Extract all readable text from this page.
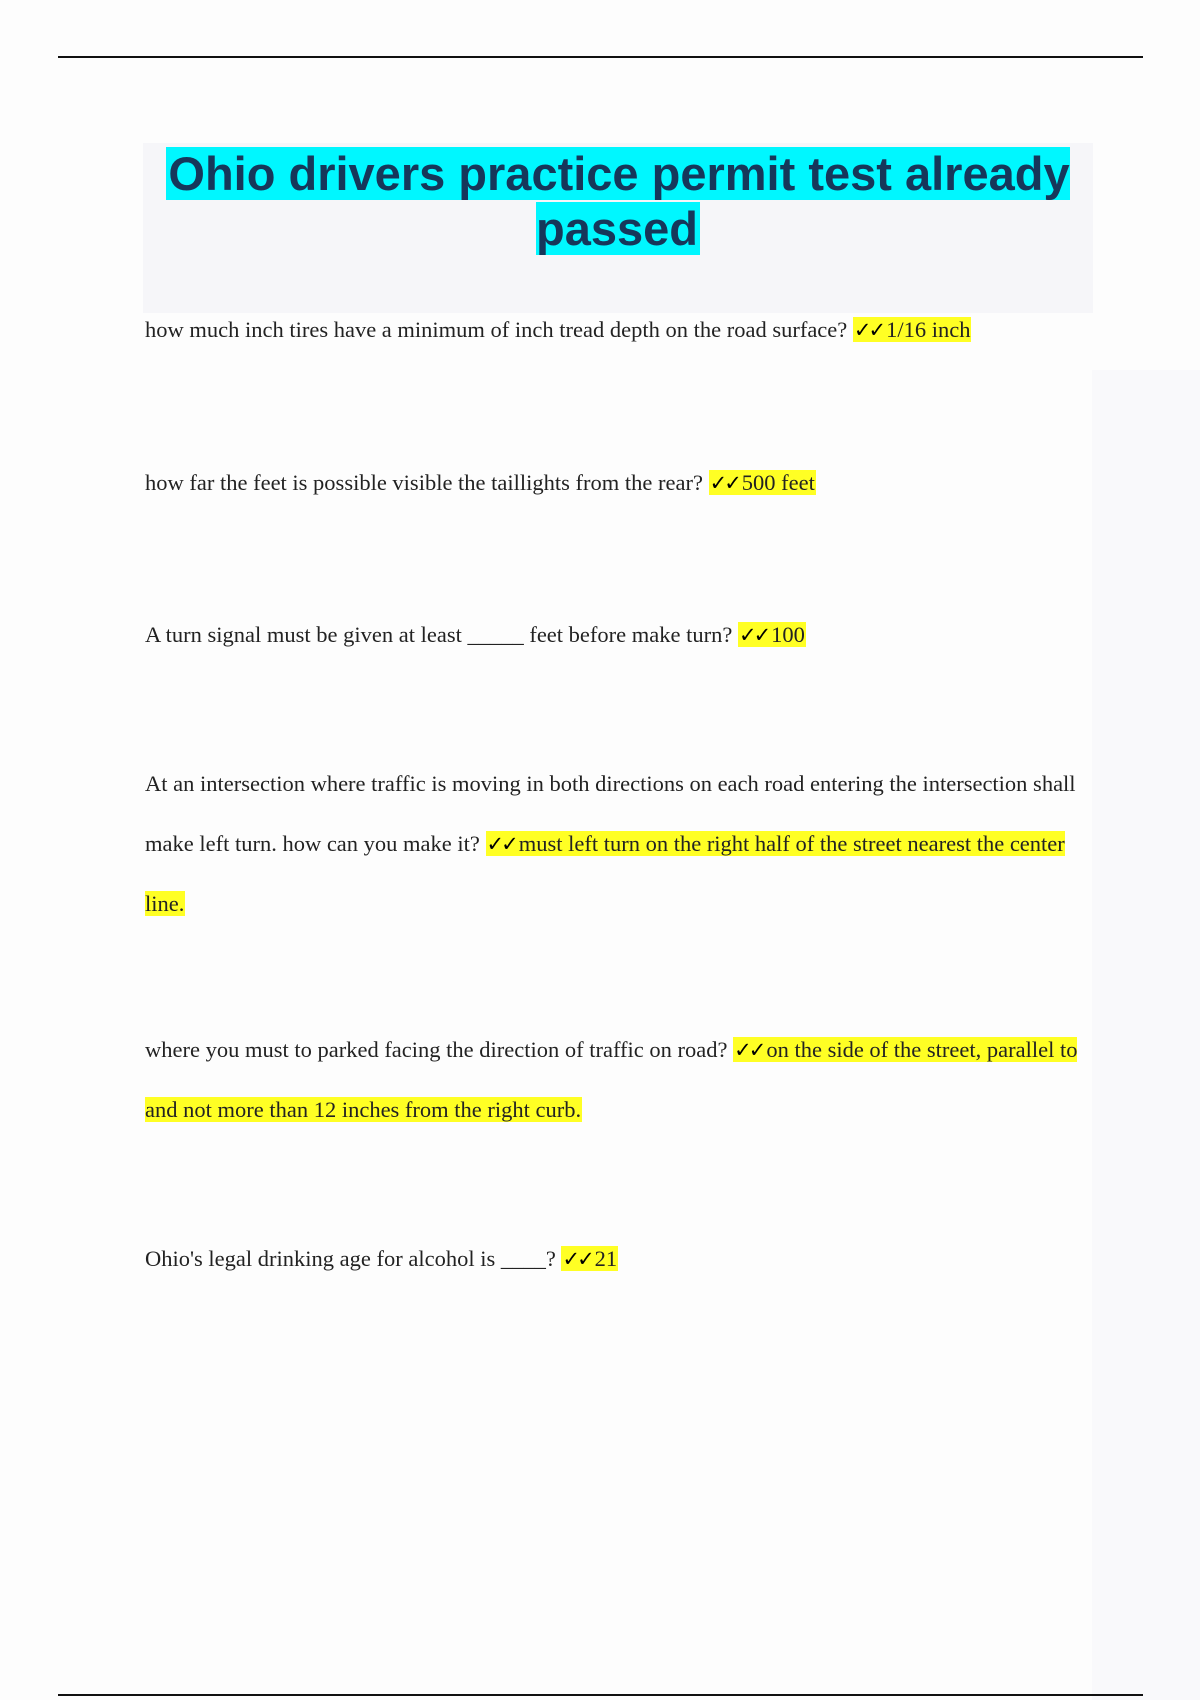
Ohio drivers practice permit test already passed
how much inch tires have a minimum of inch tread depth on the road surface? ✓✓ 1/16 inch
how far the feet is possible visible the taillights from the rear? ✓✓ 500 feet
A turn signal must be given at least _____ feet before make turn? ✓✓ 100
At an intersection where traffic is moving in both directions on each road entering the intersection shall make left turn. how can you make it? ✓✓ must left turn on the right half of the street nearest the center line.
where you must to parked facing the direction of traffic on road? ✓✓ on the side of the street, parallel to and not more than 12 inches from the right curb.
Ohio's legal drinking age for alcohol is ____? ✓✓ 21
